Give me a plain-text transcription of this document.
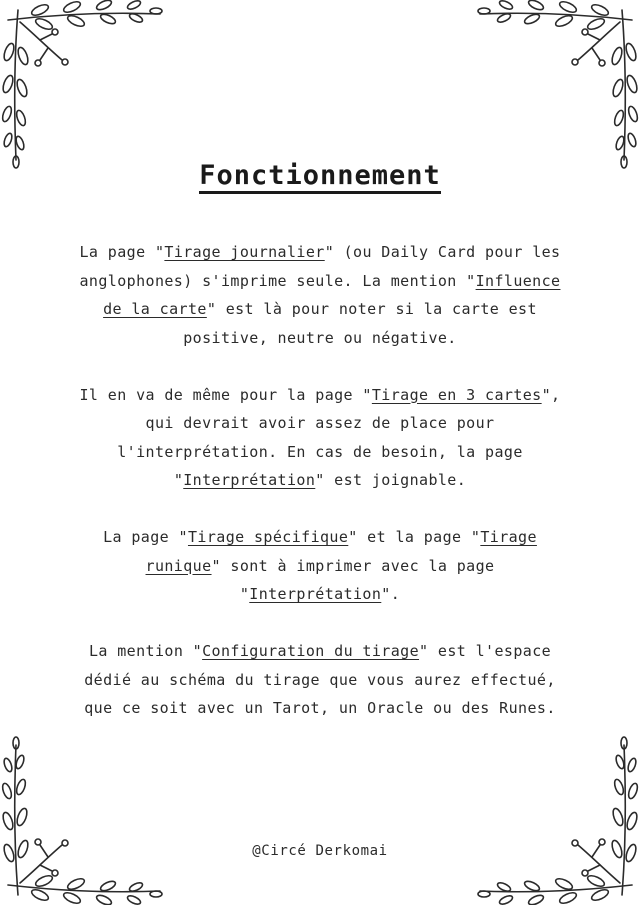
Fonctionnement

La page "Tirage journalier" (ou Daily Card pour les anglophones) s'imprime seule. La mention "Influence de la carte" est là pour noter si la carte est positive, neutre ou négative.

Il en va de même pour la page "Tirage en 3 cartes", qui devrait avoir assez de place pour l'interprétation. En cas de besoin, la page "Interprétation" est joignable.

La page "Tirage spécifique" et la page "Tirage runique" sont à imprimer avec la page "Interprétation".

La mention "Configuration du tirage" est l'espace dédié au schéma du tirage que vous aurez effectué, que ce soit avec un Tarot, un Oracle ou des Runes.

@Circé Derkomai
